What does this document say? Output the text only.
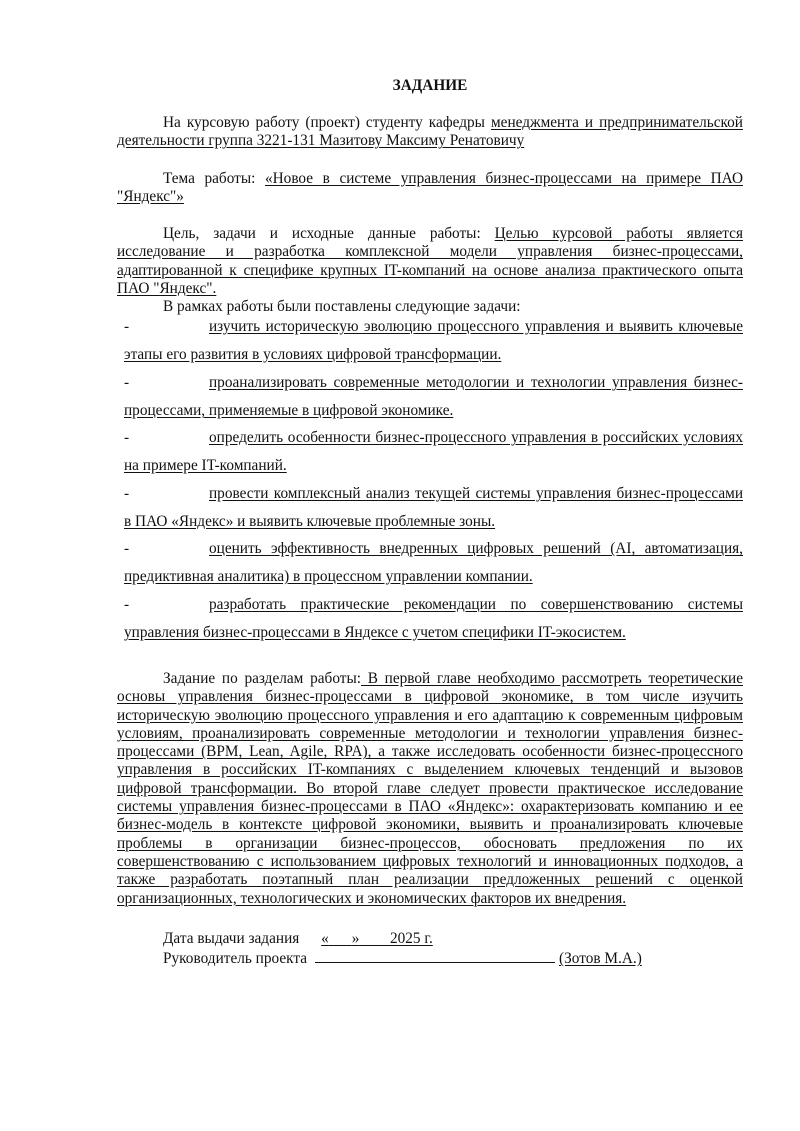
ЗАДАНИЕ
На курсовую работу (проект) студенту кафедры менеджмента и предпринимательской деятельности группа 3221-131 Мазитову Максиму Ренатовичу
Тема работы: «Новое в системе управления бизнес-процессами на примере ПАО "Яндекс"»
Цель, задачи и исходные данные работы: Целью курсовой работы является исследование и разработка комплексной модели управления бизнес-процессами, адаптированной к специфике крупных IT-компаний на основе анализа практического опыта ПАО "Яндекс".
В рамках работы были поставлены следующие задачи:
-	изучить историческую эволюцию процессного управления и выявить ключевые этапы его развития в условиях цифровой трансформации.
-	проанализировать современные методологии и технологии управления бизнес-процессами, применяемые в цифровой экономике.
-	определить особенности бизнес-процессного управления в российских условиях на примере IT-компаний.
-	провести комплексный анализ текущей системы управления бизнес-процессами в ПАО «Яндекс» и выявить ключевые проблемные зоны.
-	оценить эффективность внедренных цифровых решений (AI, автоматизация, предиктивная аналитика) в процессном управлении компании.
-	разработать практические рекомендации по совершенствованию системы управления бизнес-процессами в Яндексе с учетом специфики IT-экосистем.
Задание по разделам работы: В первой главе необходимо рассмотреть теоретические основы управления бизнес-процессами в цифровой экономике, в том числе изучить историческую эволюцию процессного управления и его адаптацию к современным цифровым условиям, проанализировать современные методологии и технологии управления бизнес-процессами (BPM, Lean, Agile, RPA), а также исследовать особенности бизнес-процессного управления в российских IT-компаниях с выделением ключевых тенденций и вызовов цифровой трансформации. Во второй главе следует провести практическое исследование системы управления бизнес-процессами в ПАО «Яндекс»: охарактеризовать компанию и ее бизнес-модель в контексте цифровой экономики, выявить и проанализировать ключевые проблемы в организации бизнес-процессов, обосновать предложения по их совершенствованию с использованием цифровых технологий и инновационных подходов, а также разработать поэтапный план реализации предложенных решений с оценкой организационных, технологических и экономических факторов их внедрения.
Дата выдачи задания « » 2025 г.
Руководитель проекта	(Зотов М.А.)
